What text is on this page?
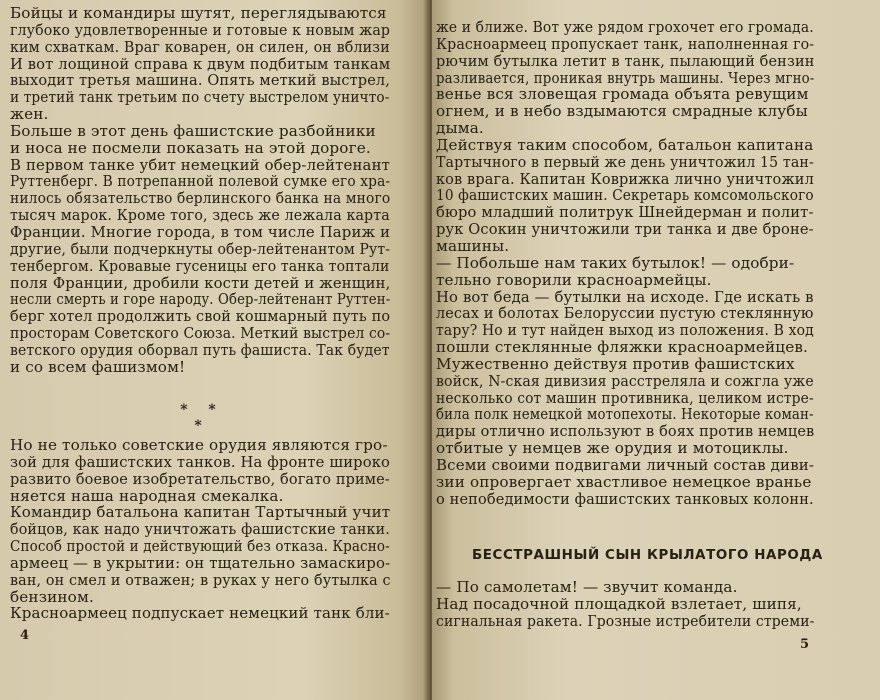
Бойцы и командиры шутят, переглядываются
глубоко удовлетворенные и готовые к новым жар
ким схваткам. Враг коварен, он силен, он вблизи
И вот лощиной справа к двум подбитым танкам
выходит третья машина. Опять меткий выстрел,
и третий танк третьим по счету выстрелом уничто-
жен.
Больше в этот день фашистские разбойники
и носа не посмели показать на этой дороге.
В первом танке убит немецкий обер-лейтенант
Руттенберг. В потрепанной полевой сумке его хра-
нилось обязательство берлинского банка на много
тысяч марок. Кроме того, здесь же лежала карта
Франции. Многие города, в том числе Париж и
другие, были подчеркнуты обер-лейтенантом Рут-
тенбергом. Кровавые гусеницы его танка топтали
поля Франции, дробили кости детей и женщин,
несли смерть и горе народу. Обер-лейтенант Руттен-
берг хотел продолжить свой кошмарный путь по
просторам Советского Союза. Меткий выстрел со-
ветского орудия оборвал путь фашиста. Так будет
и со всем фашизмом!
* * *
Но не только советские орудия являются гро-
зой для фашистских танков. На фронте широко
развито боевое изобретательство, богато приме-
няется наша народная смекалка.
Командир батальона капитан Тартычный учит
бойцов, как надо уничтожать фашистские танки.
Способ простой и действующий без отказа. Красно-
армеец — в укрытии: он тщательно замаскиро-
ван, он смел и отважен; в руках у него бутылка с
бензином.
Красноармеец подпускает немецкий танк бли-
4
же и ближе. Вот уже рядом грохочет его громада.
Красноармеец пропускает танк, наполненная го-
рючим бутылка летит в танк, пылающий бензин
разливается, проникая внутрь машины. Через мгно-
венье вся зловещая громада объята ревущим
огнем, и в небо вздымаются смрадные клубы
дыма.
Действуя таким способом, батальон капитана
Тартычного в первый же день уничтожил 15 тан-
ков врага. Капитан Коврижка лично уничтожил
10 фашистских машин. Секретарь комсомольского
бюро младший политрук Шнейдерман и полит-
рук Осокин уничтожили три танка и две броне-
машины.
— Побольше нам таких бутылок! — одобри-
тельно говорили красноармейцы.
Но вот беда — бутылки на исходе. Где искать в
лесах и болотах Белоруссии пустую стеклянную
тару? Но и тут найден выход из положения. В ход
пошли стеклянные фляжки красноармейцев.
Мужественно действуя против фашистских
войск, N-ская дивизия расстреляла и сожгла уже
несколько сот машин противника, целиком истре-
била полк немецкой мотопехоты. Некоторые коман-
диры отлично используют в боях против немцев
отбитые у немцев же орудия и мотоциклы.
Всеми своими подвигами личный состав диви-
зии опровергает хвастливое немецкое вранье
о непобедимости фашистских танковых колонн.
БЕССТРАШНЫЙ СЫН КРЫЛАТОГО НАРОДА
— По самолетам! — звучит команда.
Над посадочной площадкой взлетает, шипя,
сигнальная ракета. Грозные истребители стреми-
5
